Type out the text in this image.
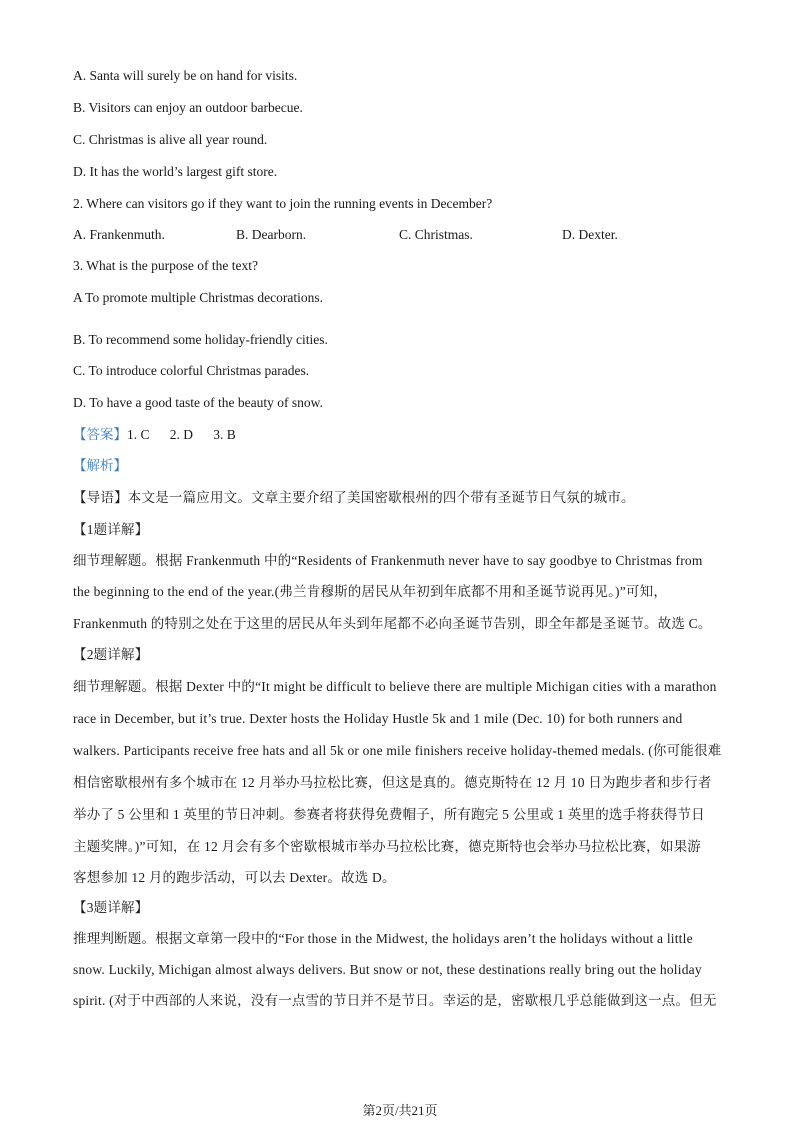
A. Santa will surely be on hand for visits.
B. Visitors can enjoy an outdoor barbecue.
C. Christmas is alive all year round.
D. It has the world’s largest gift store.
2. Where can visitors go if they want to join the running events in December?
A. Frankenmuth.	B. Dearborn.	C. Christmas.	D. Dexter.
3. What is the purpose of the text?
A To promote multiple Christmas decorations.
B. To recommend some holiday-friendly cities.
C. To introduce colorful Christmas parades.
D. To have a good taste of the beauty of snow.
【答案】1. C      2. D      3. B
【解析】
【导语】本文是一篇应用文。文章主要介绍了美国密歇根州的四个带有圣诞节日气氛的城市。
【1题详解】
细节理解题。根据 Frankenmuth 中的“Residents of Frankenmuth never have to say goodbye to Christmas from
the beginning to the end of the year.(弗兰肯穆斯的居民从年初到年底都不用和圣诞节说再见。)”可知，
Frankenmuth 的特别之处在于这里的居民从年头到年尾都不必向圣诞节告别，即全年都是圣诞节。故选 C。
【2题详解】
细节理解题。根据 Dexter 中的“It might be difficult to believe there are multiple Michigan cities with a marathon
race in December, but it’s true. Dexter hosts the Holiday Hustle 5k and 1 mile (Dec. 10) for both runners and
walkers. Participants receive free hats and all 5k or one mile finishers receive holiday-themed medals. (你可能很难
相信密歇根州有多个城市在 12 月举办马拉松比赛，但这是真的。德克斯特在 12 月 10 日为跑步者和步行者
举办了 5 公里和 1 英里的节日冲刺。参赛者将获得免费帽子，所有跑完 5 公里或 1 英里的选手将获得节日
主题奖牌。)”可知，在 12 月会有多个密歇根城市举办马拉松比赛，德克斯特也会举办马拉松比赛，如果游
客想参加 12 月的跑步活动，可以去 Dexter。故选 D。
【3题详解】
推理判断题。根据文章第一段中的“For those in the Midwest, the holidays aren’t the holidays without a little
snow. Luckily, Michigan almost always delivers. But snow or not, these destinations really bring out the holiday
spirit. (对于中西部的人来说，没有一点雪的节日并不是节日。幸运的是，密歇根几乎总能做到这一点。但无
第2页/共21页
